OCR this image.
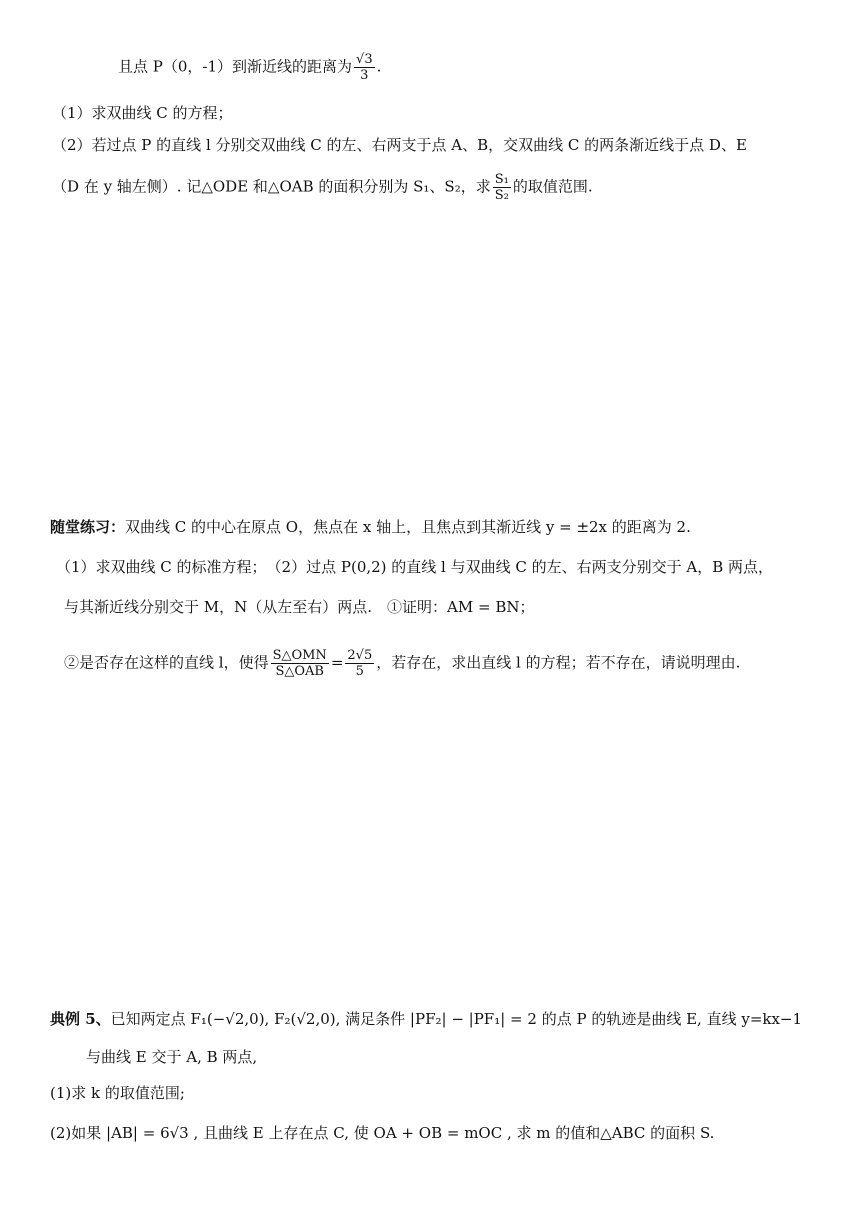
且点 P（0，-1）到渐近线的距离为 $\frac{√3}{3}$ .
（1）求双曲线 C 的方程；
（2）若过点 P 的直线 l 分别交双曲线 C 的左、右两支于点 A、B，交双曲线 C 的两条渐近线于点 D、E
（D 在 y 轴左侧）. 记△ODE 和△OAB 的面积分别为 S₁、S₂，求 $\frac{\text{S₁}}{\text{S₂}}$ 的取值范围.
随堂练习：双曲线 C 的中心在原点 O，焦点在 x 轴上，且焦点到其渐近线 y = ±2x 的距离为 2.
（1）求双曲线 C 的标准方程；　（2）过点 P(0,2) 的直线 l 与双曲线 C 的左、右两支分别交于 A，B 两点，
与其渐近线分别交于 M，N（从左至右）两点.　①证明：AM = BN；
②是否存在这样的直线 l，使得 $\frac{\text{S△OMN}}{\text{S△OAB}} = \frac{2√5}{5}$ ，若存在，求出直线 l 的方程；若不存在，请说明理由.
典例 5、已知两定点 F₁(−√2,0), F₂(√2,0), 满足条件 |PF₂| − |PF₁| = 2 的点 P 的轨迹是曲线 E, 直线 y=kx−1
与曲线 E 交于 A, B 两点,
(1)求 k 的取值范围;
(2)如果 |AB| = 6√3 , 且曲线 E 上存在点 C, 使 OA + OB = mOC , 求 m 的值和△ABC 的面积 S.
